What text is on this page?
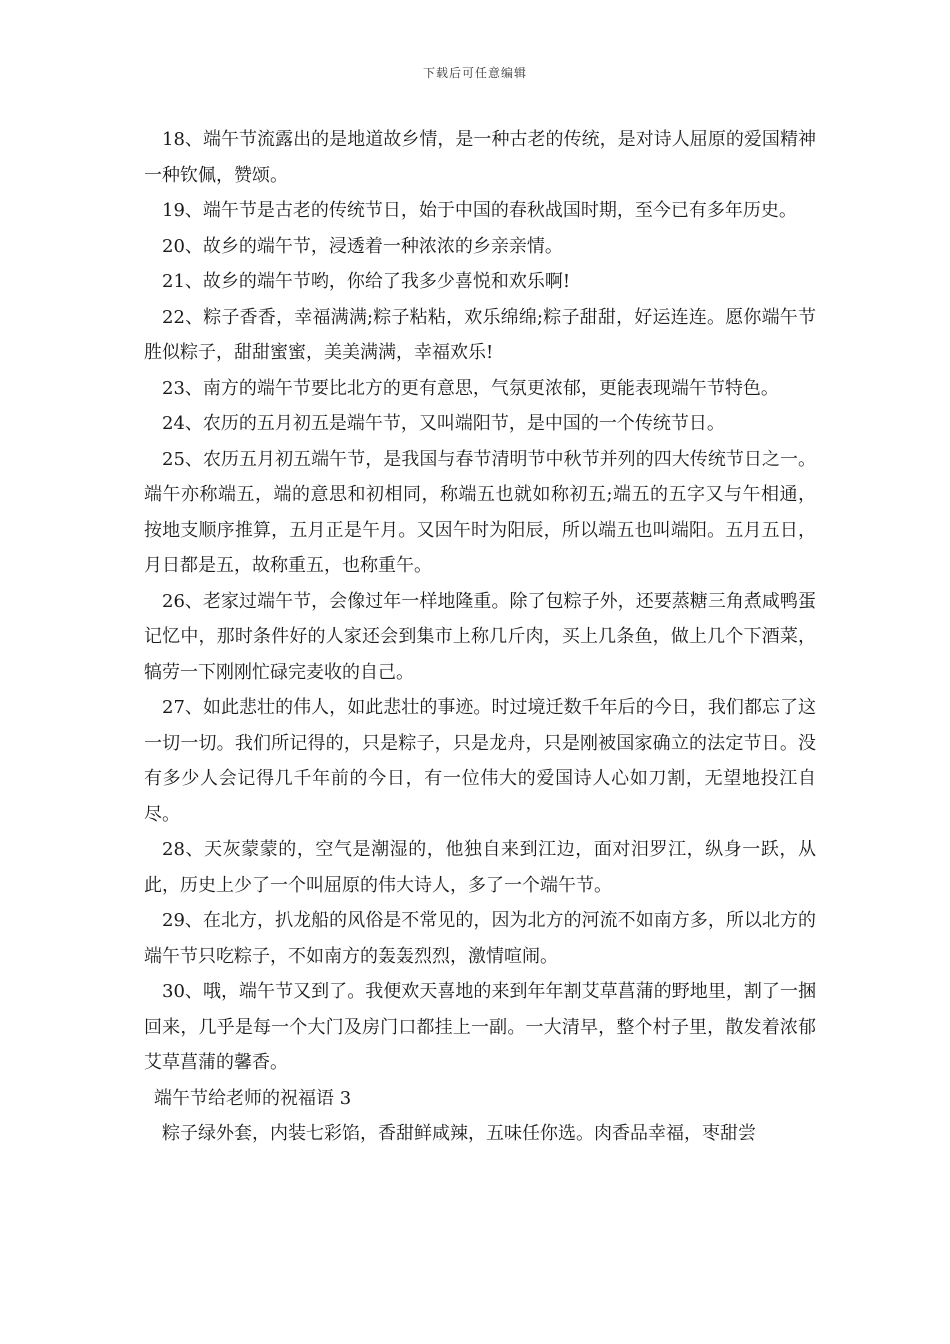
下载后可任意编辑

18、端午节流露出的是地道故乡情，是一种古老的传统，是对诗人屈原的爱国精神一种钦佩，赞颂。

19、端午节是古老的传统节日，始于中国的春秋战国时期，至今已有多年历史。

20、故乡的端午节，浸透着一种浓浓的乡亲亲情。

21、故乡的端午节哟，你给了我多少喜悦和欢乐啊!

22、粽子香香，幸福满满;粽子粘粘，欢乐绵绵;粽子甜甜，好运连连。愿你端午节胜似粽子，甜甜蜜蜜，美美满满，幸福欢乐!

23、南方的端午节要比北方的更有意思，气氛更浓郁，更能表现端午节特色。

24、农历的五月初五是端午节，又叫端阳节，是中国的一个传统节日。

25、农历五月初五端午节，是我国与春节清明节中秋节并列的四大传统节日之一。端午亦称端五，端的意思和初相同，称端五也就如称初五;端五的五字又与午相通，按地支顺序推算，五月正是午月。又因午时为阳辰，所以端五也叫端阳。五月五日，月日都是五，故称重五，也称重午。

26、老家过端午节，会像过年一样地隆重。除了包粽子外，还要蒸糖三角煮咸鸭蛋 记忆中，那时条件好的人家还会到集市上称几斤肉，买上几条鱼，做上几个下酒菜，犒劳一下刚刚忙碌完麦收的自己。

27、如此悲壮的伟人，如此悲壮的事迹。时过境迁数千年后的今日，我们都忘了这一切一切。我们所记得的，只是粽子，只是龙舟，只是刚被国家确立的法定节日。没有多少人会记得几千年前的今日，有一位伟大的爱国诗人心如刀割，无望地投江自尽。

28、天灰蒙蒙的，空气是潮湿的，他独自来到江边，面对汨罗江，纵身一跃，从此，历史上少了一个叫屈原的伟大诗人，多了一个端午节。

29、在北方，扒龙船的风俗是不常见的，因为北方的河流不如南方多，所以北方的端午节只吃粽子，不如南方的轰轰烈烈，激情喧闹。

30、哦，端午节又到了。我便欢天喜地的来到年年割艾草菖蒲的野地里，割了一捆回来，几乎是每一个大门及房门口都挂上一副。一大清早，整个村子里，散发着浓郁艾草菖蒲的馨香。

端午节给老师的祝福语 3

粽子绿外套，内装七彩馅，香甜鲜咸辣，五味任你选。肉香品幸福，枣甜尝
